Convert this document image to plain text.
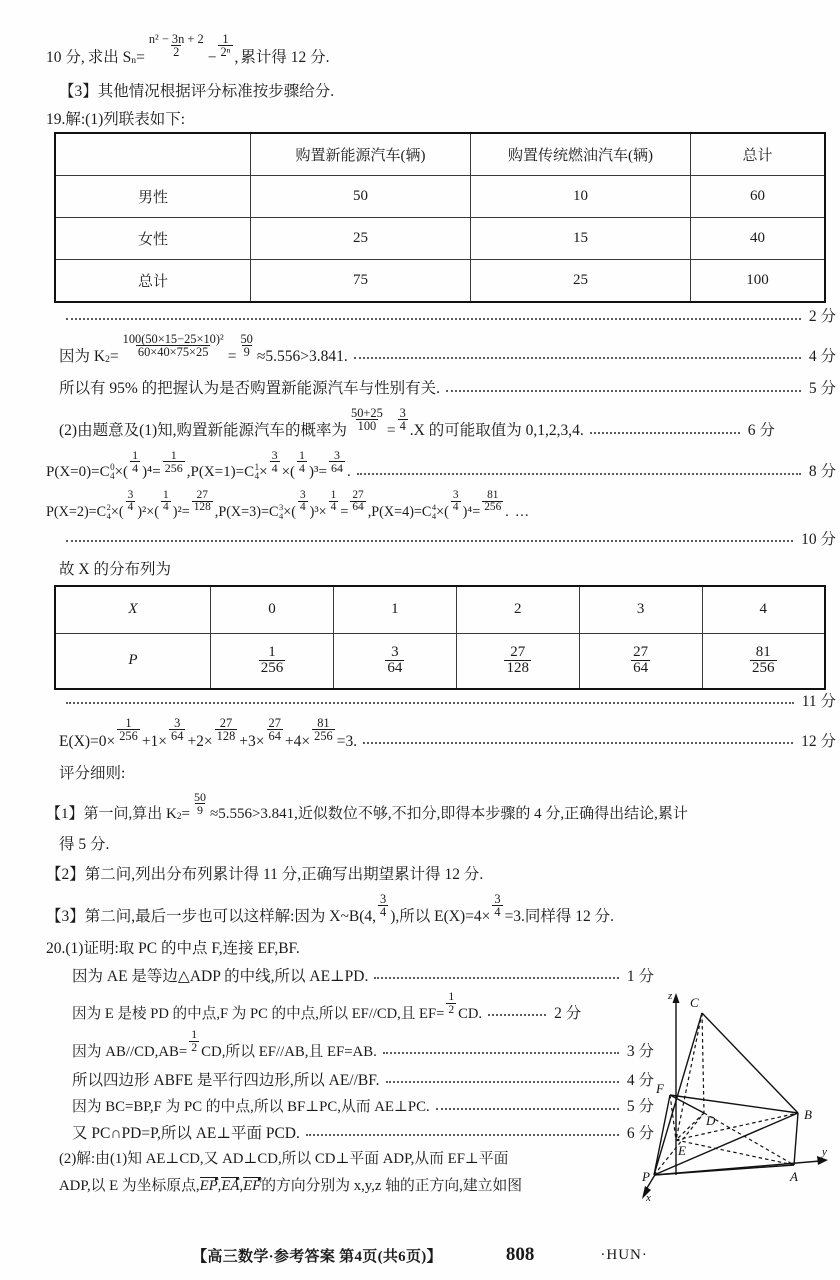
10 分 , 求出 S $n = \frac{\text{n² − 3n + 2}}{2} - \frac{1}{\text{2ⁿ}}$ , 累计得 12 分.
【3】其他情况根据评分标准按步骤给分.
19. 解:(1)列联表如下:
	购置新能源汽车(辆)	购置传统燃油汽车(辆)	总计
男性	50	10	60
女性	25	15	40
总计	75	25	100
2 分
因为 K $2 = \frac{\text{100(50×15−25×10)²}}{60\times 40\times 75\times 25} = \frac{50}{9} \approx 5.556>3.841$.	4 分
所以有 95% 的把握认为是否购置新能源汽车与性别有关.	5 分
(2)由题意及(1)知,购置新能源汽车的概率为 $\frac{50+25}{100} = \frac{3}{4} .X$ 的可能取值为 0,1,2,3,4.	6 分
P(X=0)=C 0
4 ×( $\frac{1}{4} )^4= \frac{1}{256} ,P(X=1)=C$ 1
$4 \times \frac{3}{4}$ ×( $\frac{1}{4} )^3= \frac{3}{64}$ .	8 分
P(X=2)=C 2
4 ×( $\frac{3}{4} )^2\times( \frac{1}{4} )^2= \frac{27}{128} ,P(X=3)=C$ 3
4 ×( $\frac{3}{4} )^3\times \frac{1}{4} = \frac{27}{64} ,P(X=4)=C$ 4
4 ×( $\frac{3}{4} )^4= \frac{81}{256}$ . …
10 分
故 X 的分布列为
X	0	1	2	3	4
P	$\frac{1}{256}$	$\frac{3}{64}$	$\frac{27}{128}$	$\frac{27}{64}$	$\frac{81}{256}$
11 分
$E(X)=0\times \frac{1}{256} +1\times \frac{3}{64} +2\times \frac{27}{128} +3\times \frac{27}{64} +4\times \frac{81}{256} =3$.	12 分
评分细则:
【1】第一问,算出 K $2 = \frac{50}{9} \approx 5.556>3.841$,近似数位不够,不扣分,即得本步骤的 4 分,正确得出结论,累计
得 5 分.
【2】第二问,列出分布列累计得 11 分,正确写出期望累计得 12 分.
【3】第二问,最后一步也可以这样解:因为 X~B(4, $\frac{3}{4}$ ),所以 $E(X)=4\times \frac{3}{4} =3$.同样得 12 分.
20. (1)证明:取 PC 的中点 F,连接 EF,BF.
因为 AE 是等边△ADP 的中线,所以 AE⊥PD.	1 分
因为 E 是棱 PD 的中点,F 为 PC 的中点,所以 EF//CD,且 $EF= \frac{1}{2}$ CD.	2 分
因为 $AB//CD,AB= \frac{1}{2}$ CD,所以 EF//AB,且 EF=AB.	3 分
所以四边形 ABFE 是平行四边形,所以 AE//BF.	4 分
因为 BC=BP,F 为 PC 的中点,所以 BF⊥PC,从而 AE⊥PC.	5 分
又 PC∩PD=P,所以 AE⊥平面 PCD.	6 分
(2)解:由(1)知 AE⊥CD,又 AD⊥CD,所以 CD⊥平面 ADP,从而 EF⊥平面
ADP,以 E 为坐标原点, EP , EA , EF 的方向分别为 x,y,z 轴的正方向,建立如图
C
F
D
E
P	A
B
z
y
x
【高三数学·参考答案 第4页(共6页)】	808	·HUN·
